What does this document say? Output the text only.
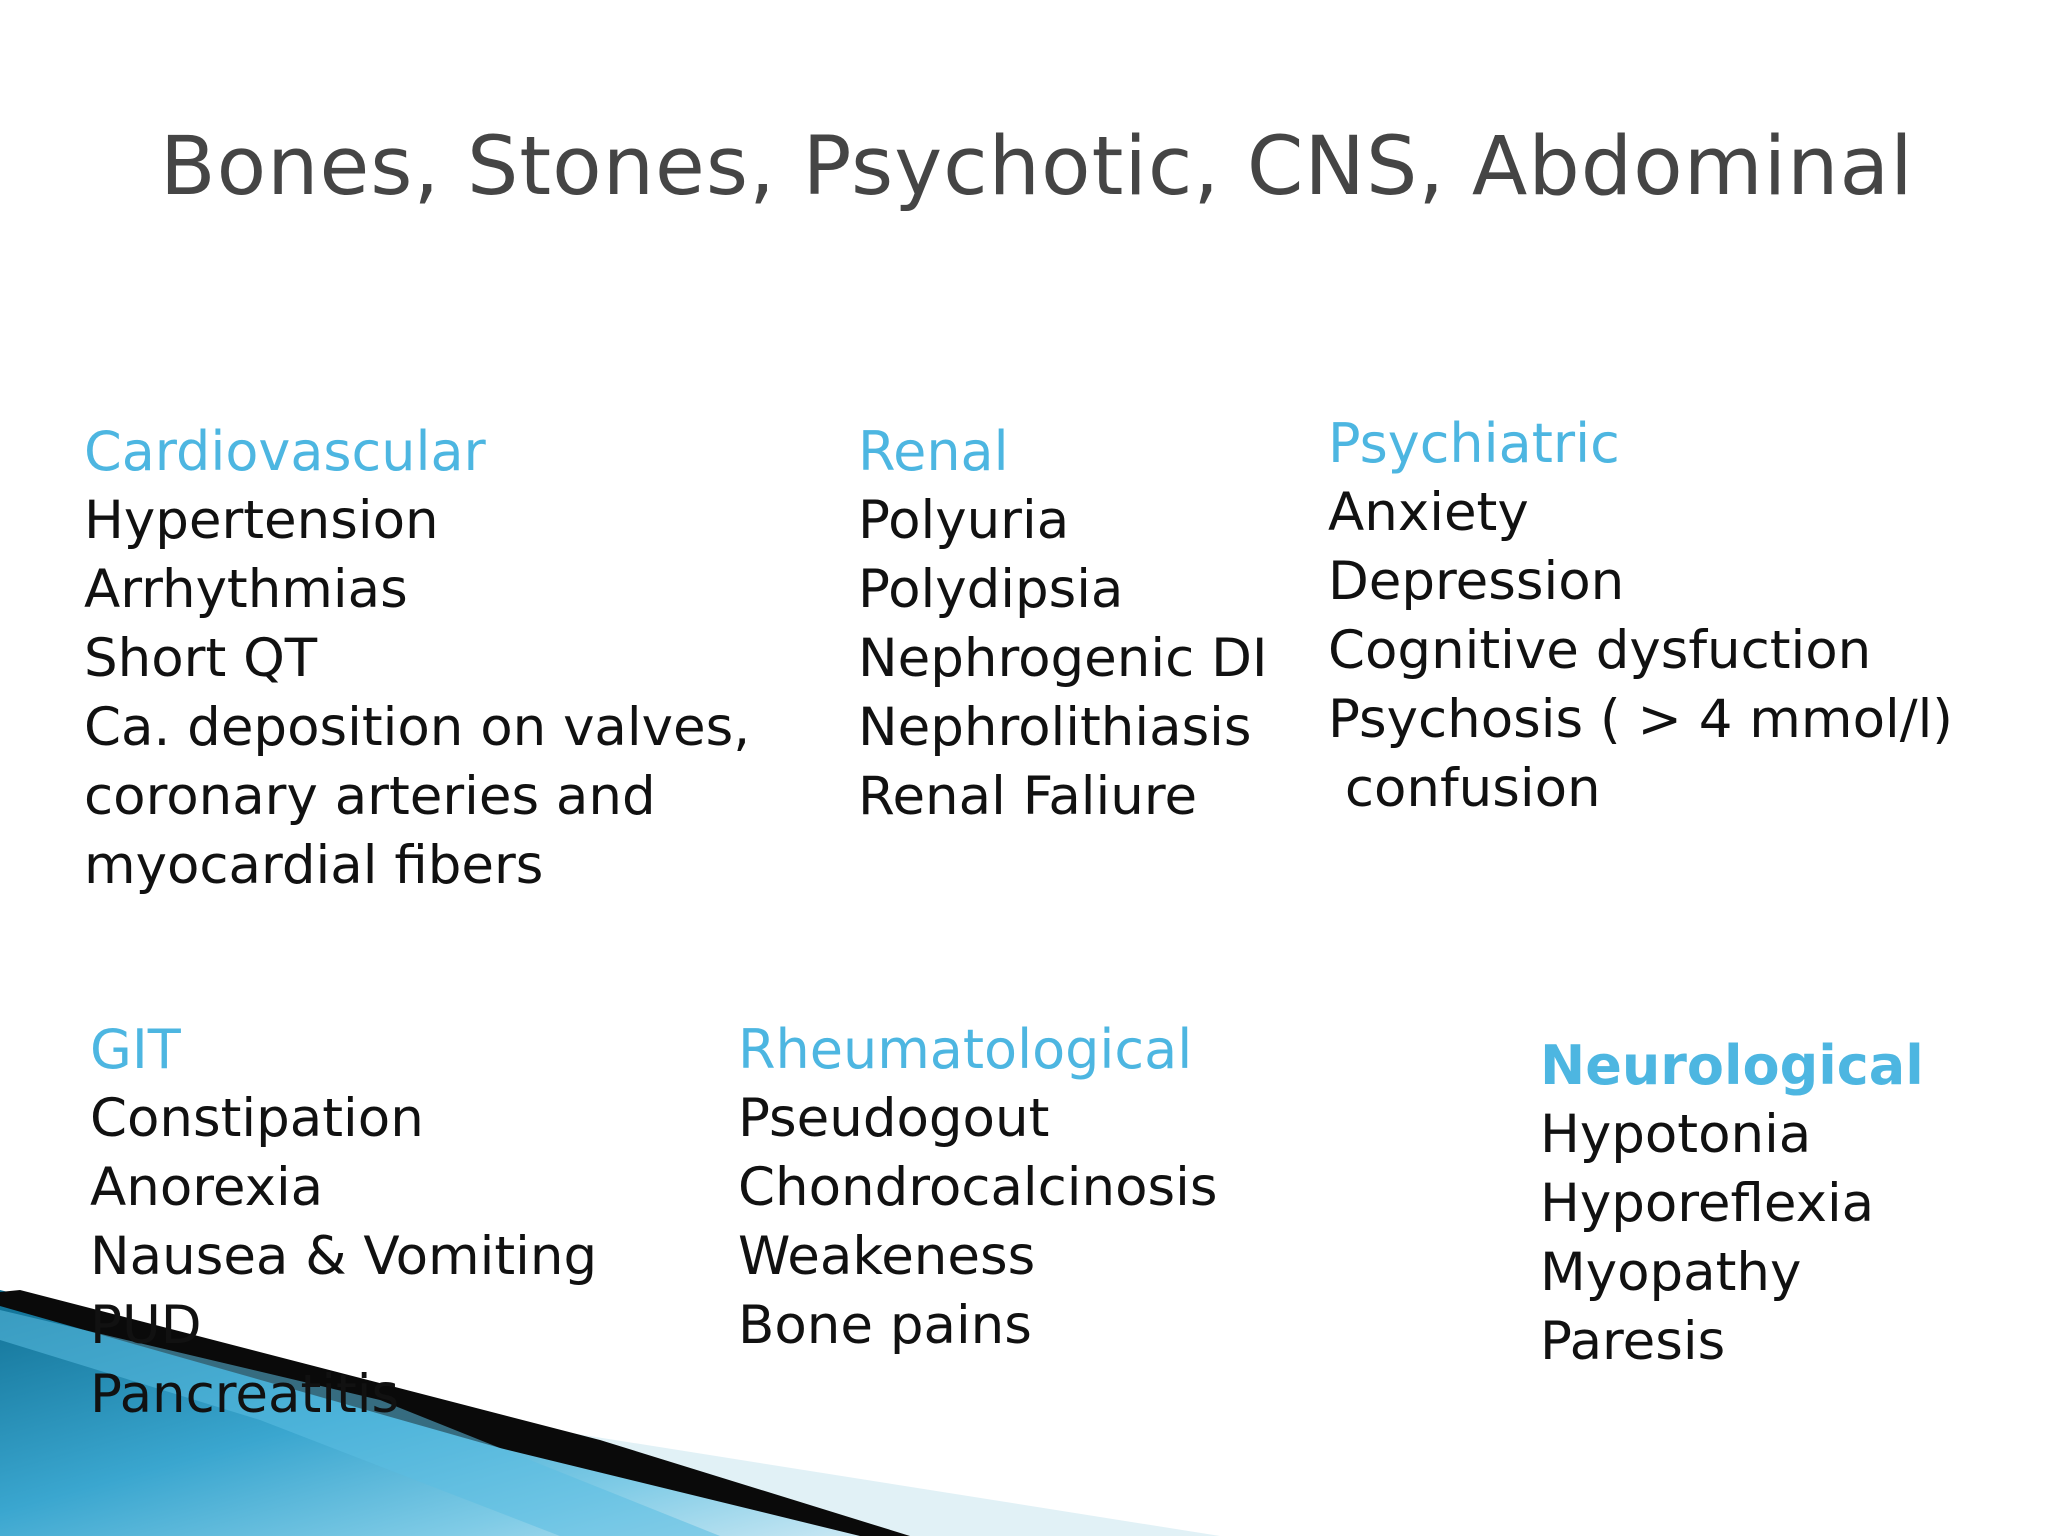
Bones, Stones, Psychotic, CNS, Abdominal
Cardiovascular
Hypertension
Arrhythmias
Short QT
Ca. deposition on valves,
coronary arteries and
myocardial fibers
Renal
Polyuria
Polydipsia
Nephrogenic DI
Nephrolithiasis
Renal Faliure
Psychiatric
Anxiety
Depression
Cognitive dysfuction
Psychosis ( > 4 mmol/l)
confusion
GIT
Constipation
Anorexia
Nausea & Vomiting
PUD
Pancreatitis
Rheumatological
Pseudogout
Chondrocalcinosis
Weakeness
Bone pains
Neurological
Hypotonia
Hyporeflexia
Myopathy
Paresis
